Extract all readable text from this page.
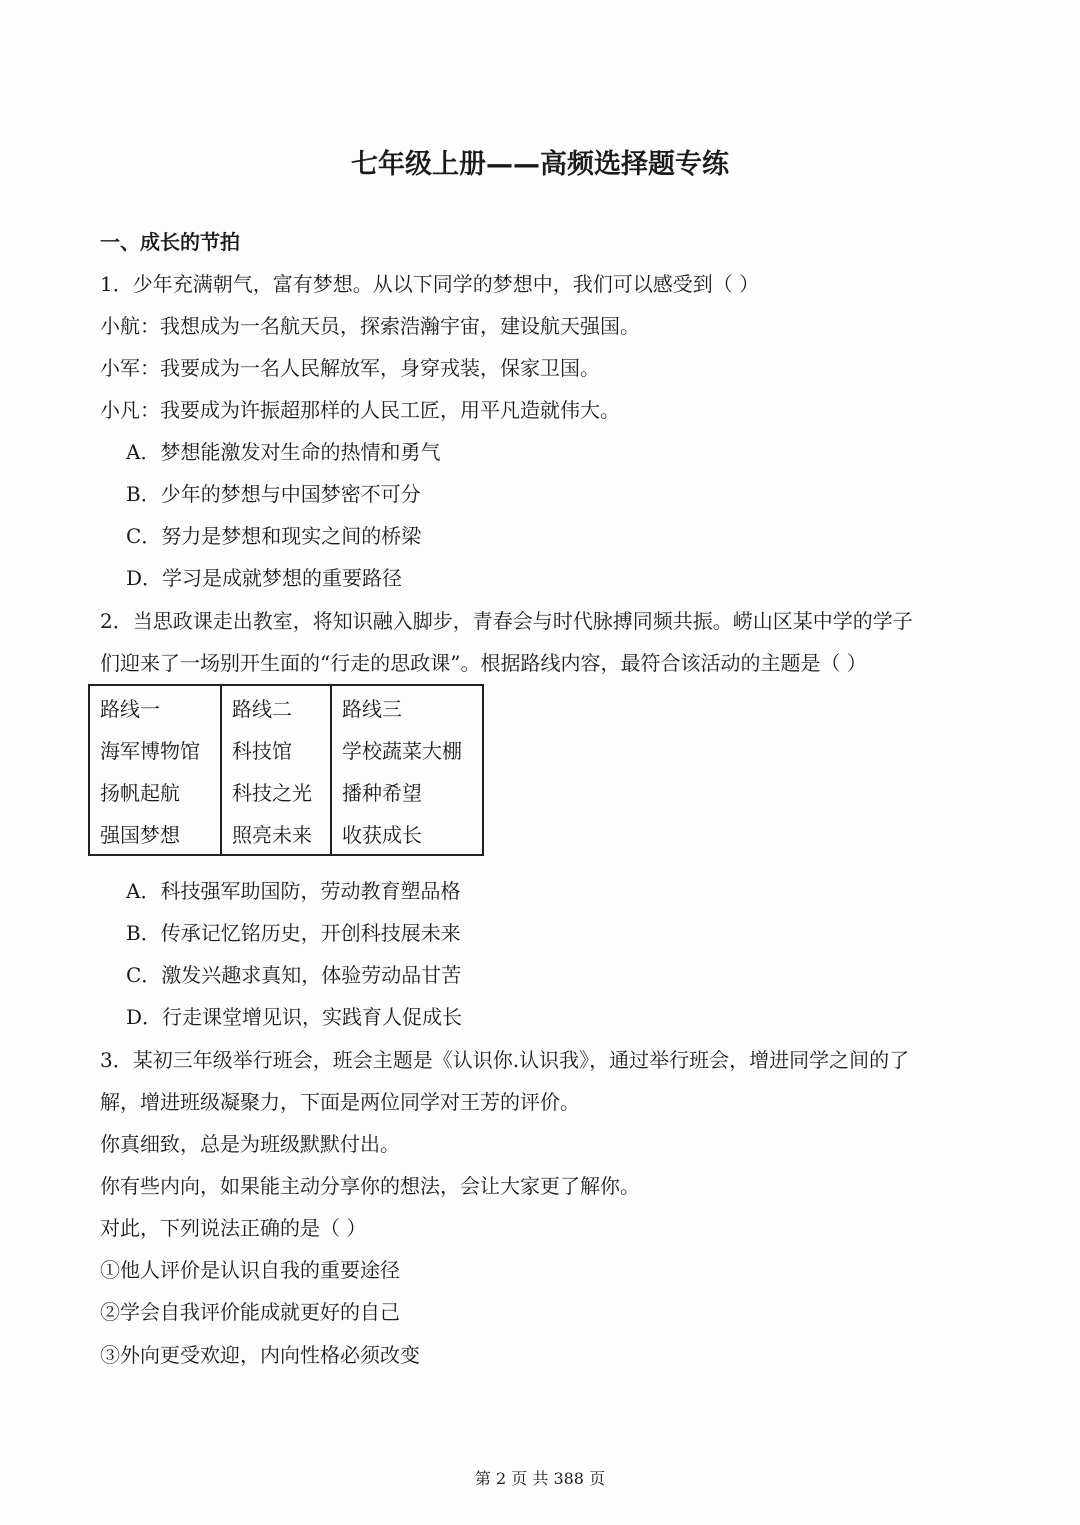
七年级上册——高频选择题专练
一、成长的节拍
1．少年充满朝气，富有梦想。从以下同学的梦想中，我们可以感受到（ ）
小航：我想成为一名航天员，探索浩瀚宇宙，建设航天强国。
小军：我要成为一名人民解放军，身穿戎装，保家卫国。
小凡：我要成为许振超那样的人民工匠，用平凡造就伟大。
A．梦想能激发对生命的热情和勇气
B．少年的梦想与中国梦密不可分
C．努力是梦想和现实之间的桥梁
D．学习是成就梦想的重要路径
2．当思政课走出教室，将知识融入脚步，青春会与时代脉搏同频共振。崂山区某中学的学子
们迎来了一场别开生面的“行走的思政课”。根据路线内容，最符合该活动的主题是（ ）
路线一	路线二	路线三
海军博物馆	科技馆	学校蔬菜大棚
扬帆起航	科技之光	播种希望
强国梦想	照亮未来	收获成长
A．科技强军助国防，劳动教育塑品格
B．传承记忆铭历史，开创科技展未来
C．激发兴趣求真知，体验劳动品甘苦
D．行走课堂增见识，实践育人促成长
3．某初三年级举行班会，班会主题是《认识你.认识我》，通过举行班会，增进同学之间的了
解，增进班级凝聚力，下面是两位同学对王芳的评价。
你真细致，总是为班级默默付出。
你有些内向，如果能主动分享你的想法，会让大家更了解你。
对此，下列说法正确的是（ ）
①他人评价是认识自我的重要途径
②学会自我评价能成就更好的自己
③外向更受欢迎，内向性格必须改变
第 2 页 共 388 页
